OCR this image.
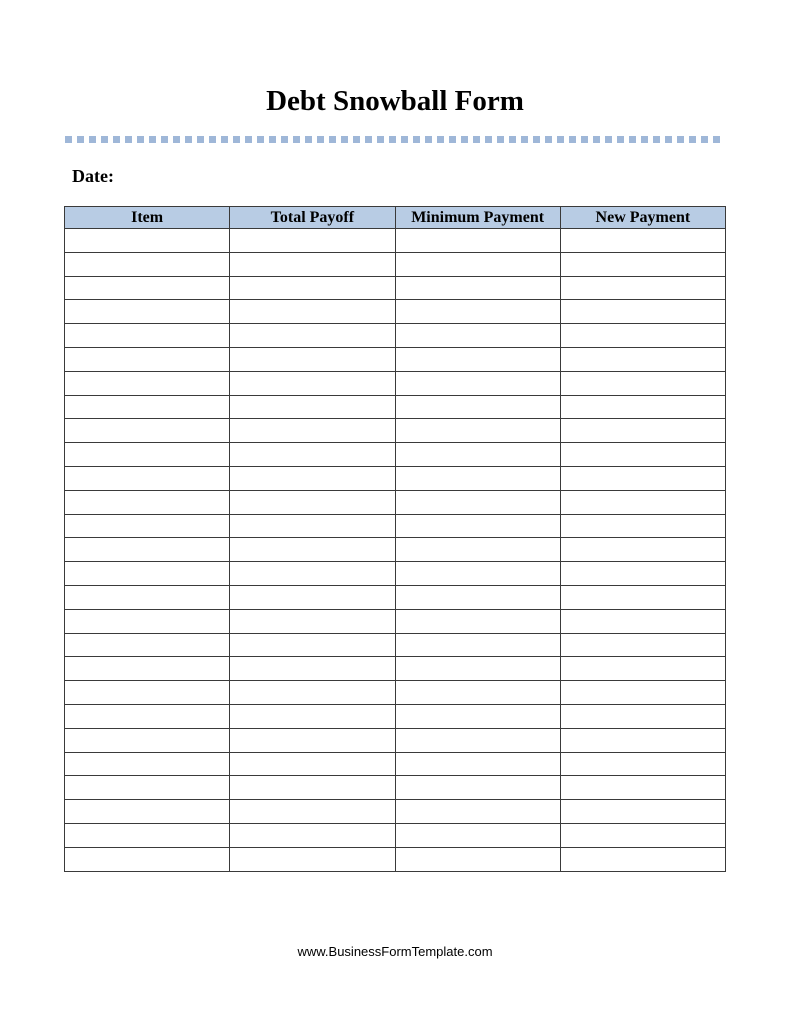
Debt Snowball Form
Date:
Item	Total Payoff	Minimum Payment	New Payment

www.BusinessFormTemplate.com
